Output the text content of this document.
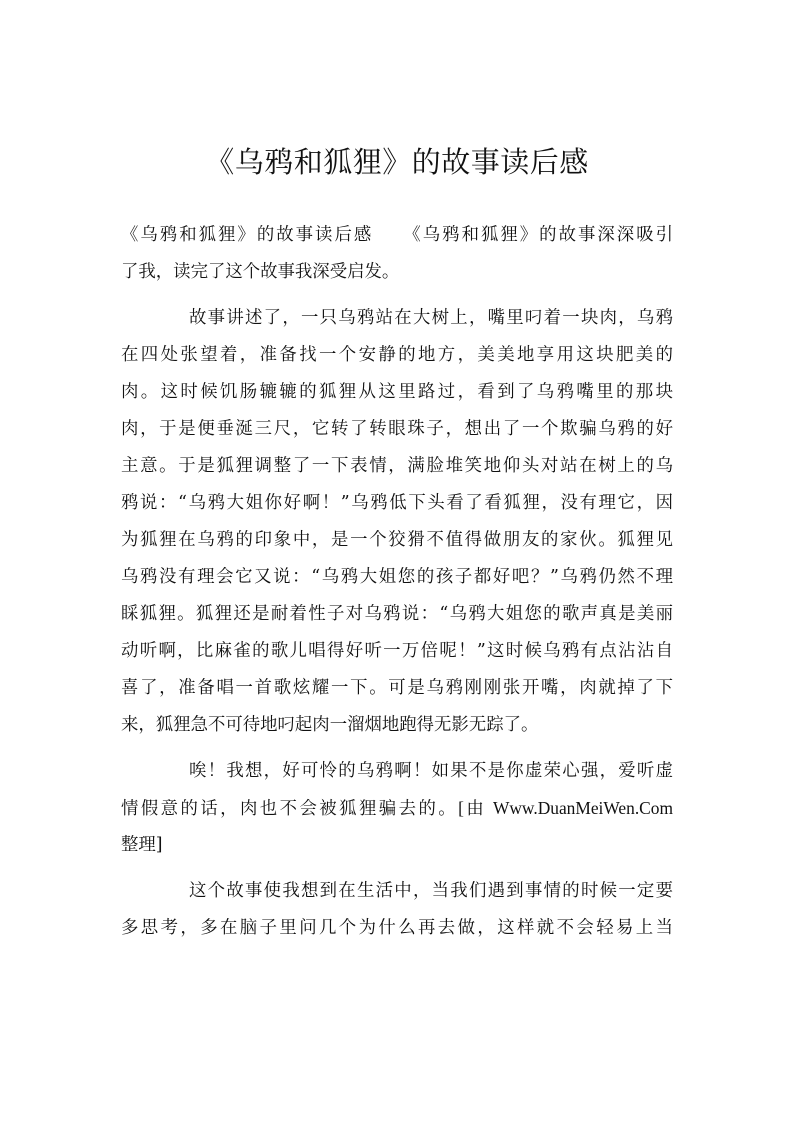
《乌鸦和狐狸》的故事读后感
《乌鸦和狐狸》的故事读后感　　《乌鸦和狐狸》的故事深深吸引
了我，读完了这个故事我深受启发。
故事讲述了，一只乌鸦站在大树上，嘴里叼着一块肉，乌鸦
在四处张望着，准备找一个安静的地方，美美地享用这块肥美的
肉。这时候饥肠辘辘的狐狸从这里路过，看到了乌鸦嘴里的那块
肉，于是便垂涎三尺，它转了转眼珠子，想出了一个欺骗乌鸦的好
主意。于是狐狸调整了一下表情，满脸堆笑地仰头对站在树上的乌
鸦说：“乌鸦大姐你好啊！”乌鸦低下头看了看狐狸，没有理它，因
为狐狸在乌鸦的印象中，是一个狡猾不值得做朋友的家伙。狐狸见
乌鸦没有理会它又说：“乌鸦大姐您的孩子都好吧？”乌鸦仍然不理
睬狐狸。狐狸还是耐着性子对乌鸦说：“乌鸦大姐您的歌声真是美丽
动听啊，比麻雀的歌儿唱得好听一万倍呢！”这时候乌鸦有点沾沾自
喜了，准备唱一首歌炫耀一下。可是乌鸦刚刚张开嘴，肉就掉了下
来，狐狸急不可待地叼起肉一溜烟地跑得无影无踪了。
唉！我想，好可怜的乌鸦啊！如果不是你虚荣心强，爱听虚
情假意的话，肉也不会被狐狸骗去的。[由 Www.DuanMeiWen.Com
整理]
这个故事使我想到在生活中，当我们遇到事情的时候一定要
多思考，多在脑子里问几个为什么再去做，这样就不会轻易上当
